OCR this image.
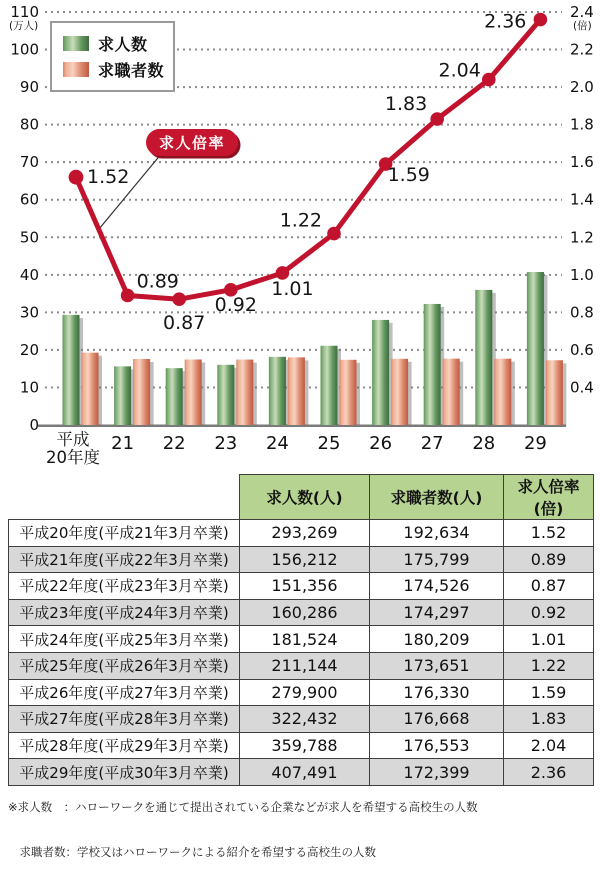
0
10
20
30
40
50
60
70
80
90
100
110
(万人)
0.4
0.6
0.8
1.0
1.2
1.4
1.6
1.8
2.0
2.2
2.4
(倍)
1.52
0.89
0.87
0.92
1.01
1.22
1.59
1.83
2.04
2.36
平成
20年度
21 22 23 24 25 26 27 28 29
求人数
求職者数
求人倍率
	求人数(人)	求職者数(人)	求人倍率(倍)
平成20年度(平成21年3月卒業)	293,269	192,634	1.52
平成21年度(平成22年3月卒業)	156,212	175,799	0.89
平成22年度(平成23年3月卒業)	151,356	174,526	0.87
平成23年度(平成24年3月卒業)	160,286	174,297	0.92
平成24年度(平成25年3月卒業)	181,524	180,209	1.01
平成25年度(平成26年3月卒業)	211,144	173,651	1.22
平成26年度(平成27年3月卒業)	279,900	176,330	1.59
平成27年度(平成28年3月卒業)	322,432	176,668	1.83
平成28年度(平成29年3月卒業)	359,788	176,553	2.04
平成29年度(平成30年3月卒業)	407,491	172,399	2.36

※求人数　：ハローワークを通じて提出されている企業などが求人を希望する高校生の人数

　求職者数：学校又はハローワークによる紹介を希望する高校生の人数
